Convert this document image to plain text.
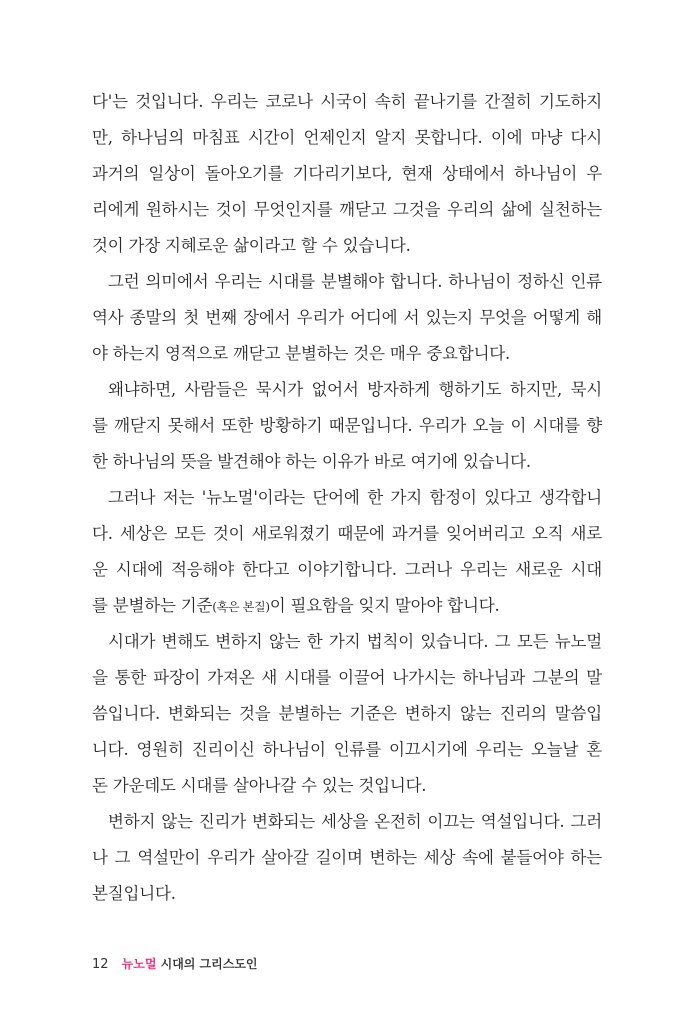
다'는 것입니다. 우리는 코로나 시국이 속히 끝나기를 간절히 기도하지
만, 하나님의 마침표 시간이 언제인지 알지 못합니다. 이에 마냥 다시
과거의 일상이 돌아오기를 기다리기보다, 현재 상태에서 하나님이 우
리에게 원하시는 것이 무엇인지를 깨닫고 그것을 우리의 삶에 실천하는
것이 가장 지혜로운 삶이라고 할 수 있습니다.
그런 의미에서 우리는 시대를 분별해야 합니다. 하나님이 정하신 인류
역사 종말의 첫 번째 장에서 우리가 어디에 서 있는지 무엇을 어떻게 해
야 하는지 영적으로 깨닫고 분별하는 것은 매우 중요합니다.
왜냐하면, 사람들은 묵시가 없어서 방자하게 행하기도 하지만, 묵시
를 깨닫지 못해서 또한 방황하기 때문입니다. 우리가 오늘 이 시대를 향
한 하나님의 뜻을 발견해야 하는 이유가 바로 여기에 있습니다.
그러나 저는 '뉴노멀'이라는 단어에 한 가지 함정이 있다고 생각합니
다. 세상은 모든 것이 새로워졌기 때문에 과거를 잊어버리고 오직 새로
운 시대에 적응해야 한다고 이야기합니다. 그러나 우리는 새로운 시대
를 분별하는 기준(혹은 본질)이 필요함을 잊지 말아야 합니다.
시대가 변해도 변하지 않는 한 가지 법칙이 있습니다. 그 모든 뉴노멀
을 통한 파장이 가져온 새 시대를 이끌어 나가시는 하나님과 그분의 말
씀입니다. 변화되는 것을 분별하는 기준은 변하지 않는 진리의 말씀입
니다. 영원히 진리이신 하나님이 인류를 이끄시기에 우리는 오늘날 혼
돈 가운데도 시대를 살아나갈 수 있는 것입니다.
변하지 않는 진리가 변화되는 세상을 온전히 이끄는 역설입니다. 그러
나 그 역설만이 우리가 살아갈 길이며 변하는 세상 속에 붙들어야 하는
본질입니다.
12 뉴노멀 시대의 그리스도인
